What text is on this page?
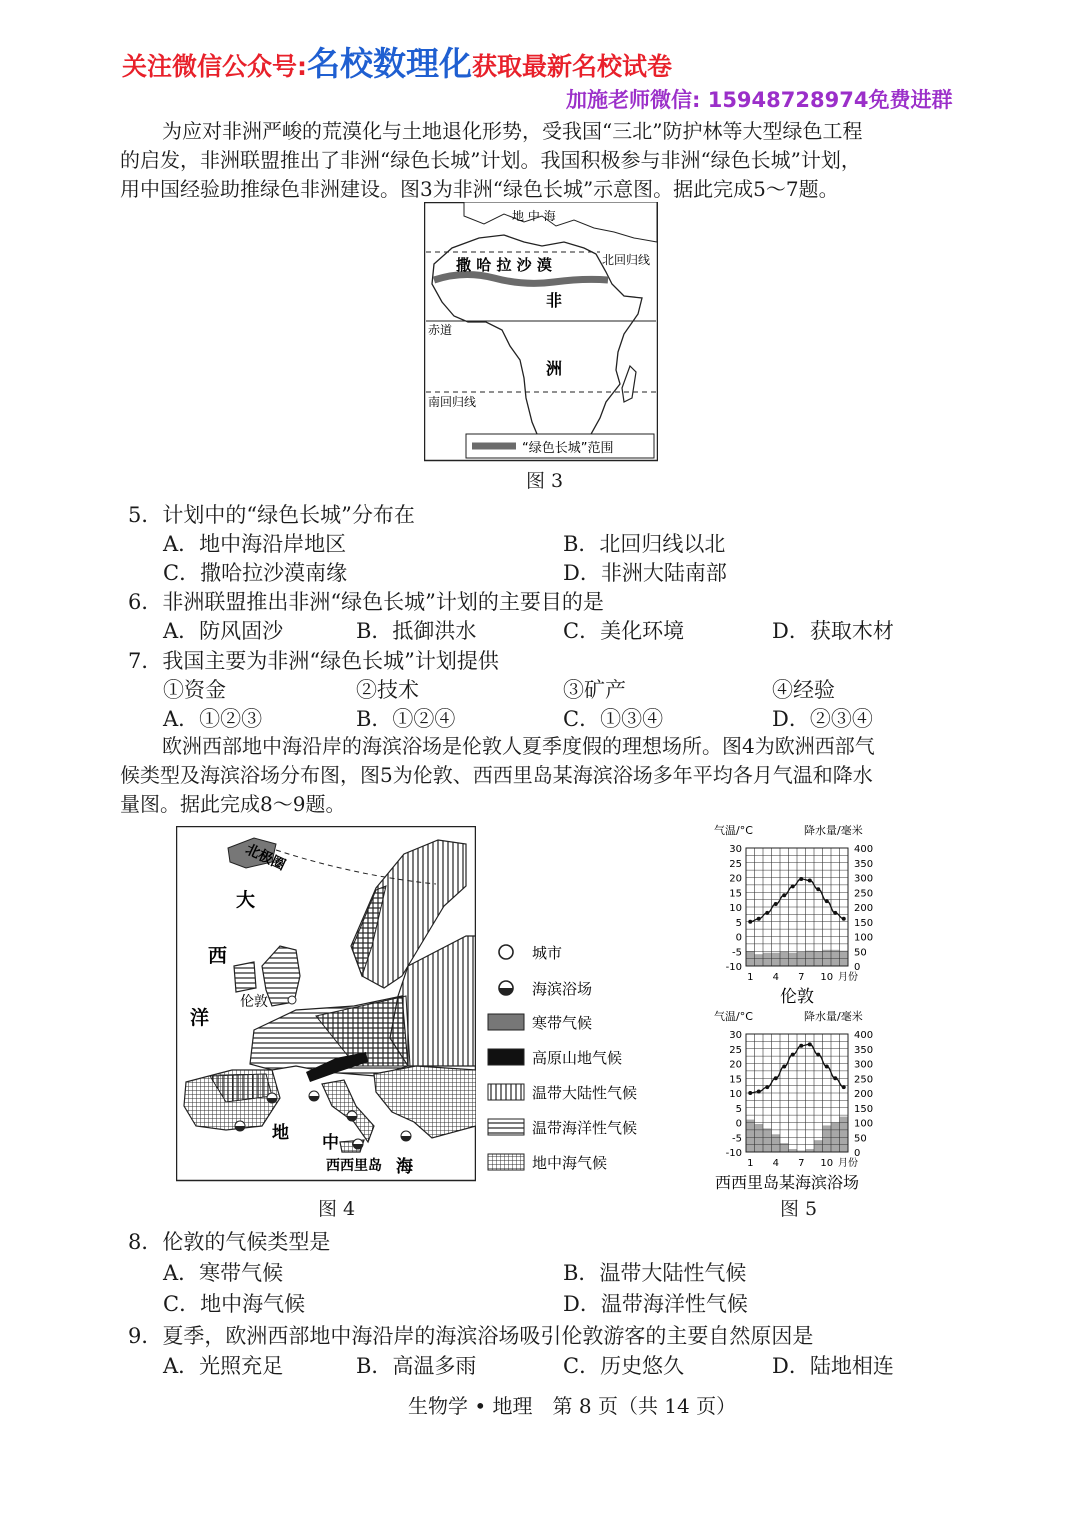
关注微信公众号:名校数理化获取最新名校试卷
加施老师微信: 15948728974免费进群
为应对非洲严峻的荒漠化与土地退化形势，受我国“三北”防护林等大型绿色工程
的启发，非洲联盟推出了非洲“绿色长城”计划。我国积极参与非洲“绿色长城”计划，
用中国经验助推绿色非洲建设。图3为非洲“绿色长城”示意图。据此完成5～7题。
地 中 海
撒 哈 拉 沙 漠	北回归线
非
赤道
洲
南回归线
“绿色长城”范围
图 3
5．计划中的“绿色长城”分布在
A．地中海沿岸地区	B．北回归线以北
C．撒哈拉沙漠南缘	D．非洲大陆南部
6．非洲联盟推出非洲“绿色长城”计划的主要目的是
A．防风固沙	B．抵御洪水	C．美化环境	D．获取木材
7．我国主要为非洲“绿色长城”计划提供
①资金	②技术	③矿产	④经验
A．①②③	B．①②④	C．①③④	D．②③④
欧洲西部地中海沿岸的海滨浴场是伦敦人夏季度假的理想场所。图4为欧洲西部气
候类型及海滨浴场分布图，图5为伦敦、西西里岛某海滨浴场多年平均各月气温和降水
量图。据此完成8～9题。
北极圈
大
西
洋
伦敦
地 中
海
西西里岛
城市
海滨浴场
寒带气候
高原山地气候
温带大陆性气候
温带海洋性气候
地中海气候
图 4
气温/°C	降水量/毫米
30
25
20
15
10
5
0
-5
-10
400
350
300
250
200
150
100
50
0
1 4 7 10 月份
伦敦
气温/°C	降水量/毫米
30
25
20
15
10
5
0
-5
-10
400
350
300
250
200
150
100
50
0
1 4 7 10 月份
西西里岛某海滨浴场
图 5
8．伦敦的气候类型是
A．寒带气候	B．温带大陆性气候
C．地中海气候	D．温带海洋性气候
9．夏季，欧洲西部地中海沿岸的海滨浴场吸引伦敦游客的主要自然原因是
A．光照充足	B．高温多雨	C．历史悠久	D．陆地相连
生物学 • 地理　第 8 页（共 14 页）
